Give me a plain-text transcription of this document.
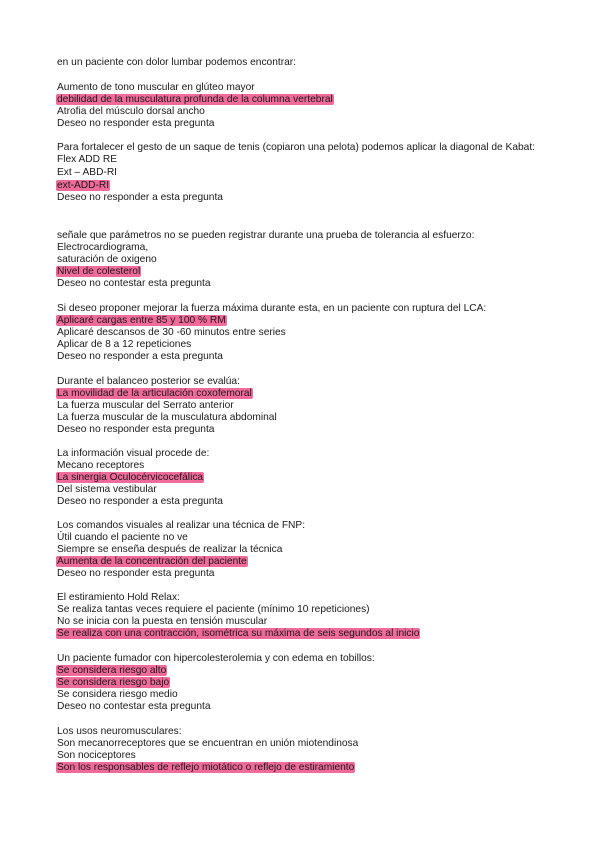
en un paciente con dolor lumbar podemos encontrar:
Aumento de tono muscular en glúteo mayor
debilidad de la musculatura profunda de la columna vertebral
Atrofia del músculo dorsal ancho
Deseo no responder esta pregunta
Para fortalecer el gesto de un saque de tenis (copiaron una pelota) podemos aplicar la diagonal de Kabat:
Flex ADD RE
Ext – ABD-RI
ext-ADD-RI
Deseo no responder a esta pregunta
señale que parámetros no se pueden registrar durante una prueba de tolerancia al esfuerzo:
Electrocardiograma,
saturación de oxigeno
Nivel de colesterol
Deseo no contestar esta pregunta
Si deseo proponer mejorar la fuerza máxima durante esta, en un paciente con ruptura del LCA:
Aplicaré cargas entre 85 y 100 % RM
Aplicaré descansos de 30 -60 minutos entre series
Aplicar de 8 a 12 repeticiones
Deseo no responder a esta pregunta
Durante el balanceo posterior se evalúa:
La movilidad de la articulación coxofemoral
La fuerza muscular del Serrato anterior
La fuerza muscular de la musculatura abdominal
Deseo no responder esta pregunta
La información visual procede de:
Mecano receptores
La sinergia Oculocérvicocefálica
Del sistema vestibular
Deseo no responder a esta pregunta
Los comandos visuales al realizar una técnica de FNP:
Útil cuando el paciente no ve
Siempre se enseña después de realizar la técnica
Aumenta de la concentración del paciente
Deseo no responder esta pregunta
El estiramiento Hold Relax:
Se realiza tantas veces requiere el paciente (mínimo 10 repeticiones)
No se inicia con la puesta en tensión muscular
Se realiza con una contracción, isométrica su máxima de seis segundos al inicio
Un paciente fumador con hipercolesterolemia y con edema en tobillos:
Se considera riesgo alto
Se considera riesgo bajo
Se considera riesgo medio
Deseo no contestar esta pregunta
Los usos neuromusculares:
Son mecanorreceptores que se encuentran en unión miotendinosa
Son nociceptores
Son los responsables de reflejo miotático o reflejo de estiramiento
